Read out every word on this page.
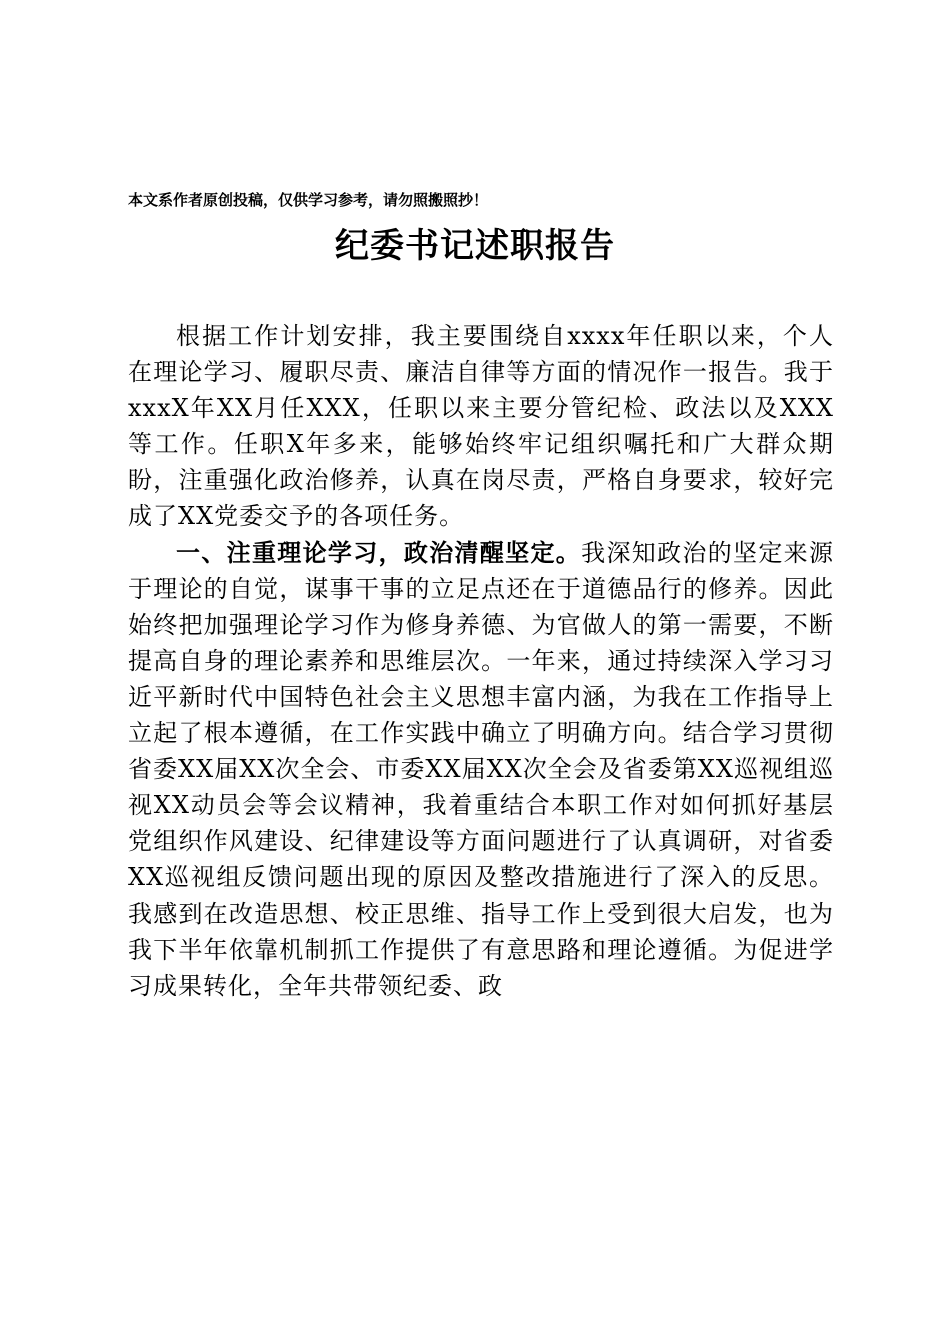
本文系作者原创投稿，仅供学习参考，请勿照搬照抄！
纪委书记述职报告

根据工作计划安排，我主要围绕自xxxx年任职以来，个人在理论学习、履职尽责、廉洁自律等方面的情况作一报告。我于xxxX年XX月任XXX，任职以来主要分管纪检、政法以及XXX等工作。任职X年多来，能够始终牢记组织嘱托和广大群众期盼，注重强化政治修养，认真在岗尽责，严格自身要求，较好完成了XX党委交予的各项任务。

一、注重理论学习，政治清醒坚定。我深知政治的坚定来源于理论的自觉，谋事干事的立足点还在于道德品行的修养。因此始终把加强理论学习作为修身养德、为官做人的第一需要，不断提高自身的理论素养和思维层次。一年来，通过持续深入学习习近平新时代中国特色社会主义思想丰富内涵，为我在工作指导上立起了根本遵循，在工作实践中确立了明确方向。结合学习贯彻省委XX届XX次全会、市委XX届XX次全会及省委第XX巡视组巡视XX动员会等会议精神，我着重结合本职工作对如何抓好基层党组织作风建设、纪律建设等方面问题进行了认真调研，对省委XX巡视组反馈问题出现的原因及整改措施进行了深入的反思。我感到在改造思想、校正思维、指导工作上受到很大启发，也为我下半年依靠机制抓工作提供了有意思路和理论遵循。为促进学习成果转化，全年共带领纪委、政
